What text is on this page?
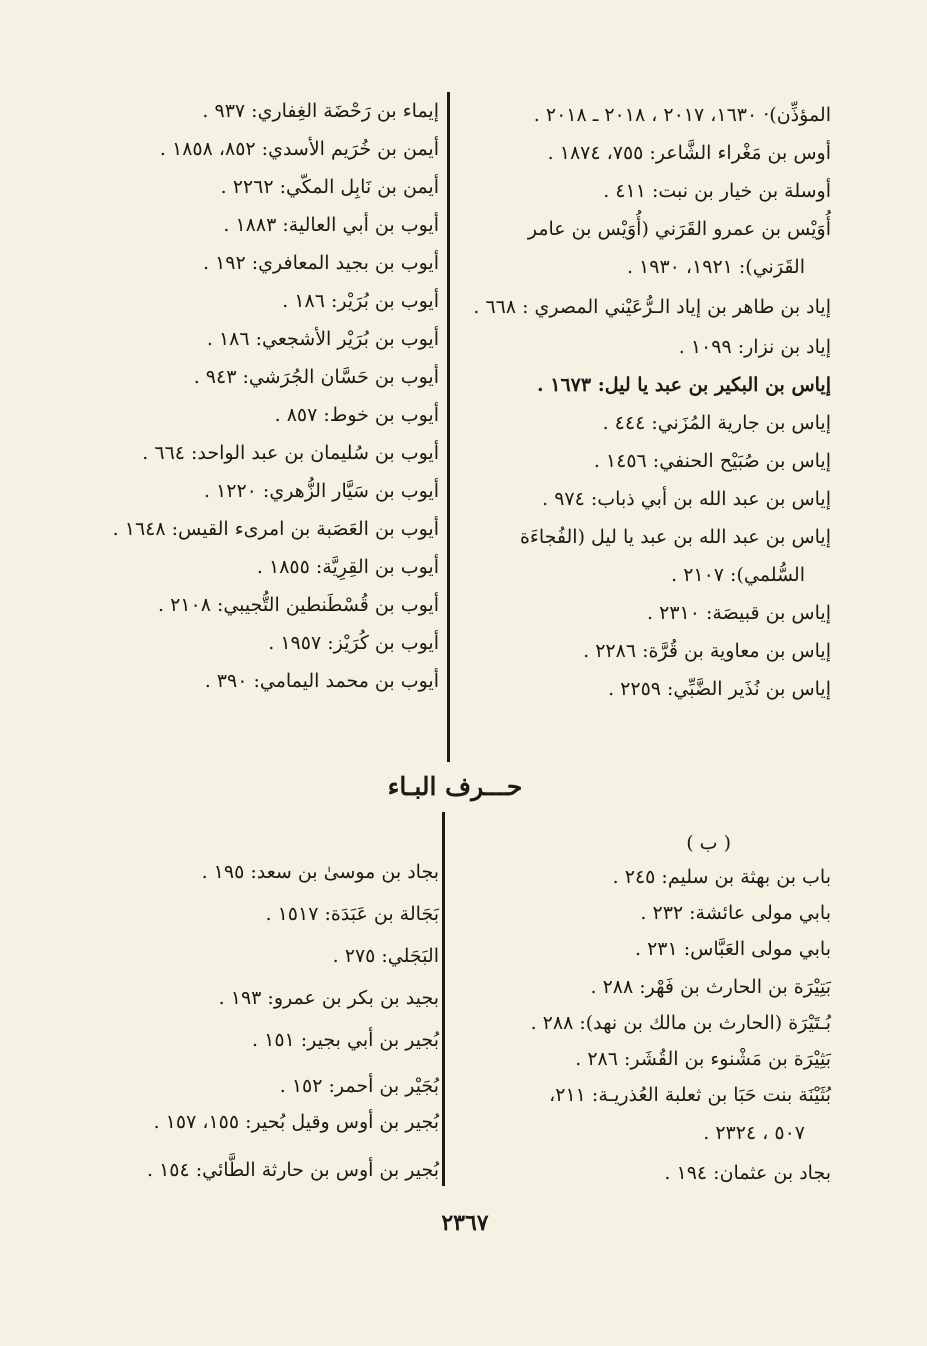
المؤذِّن)· ١٦٣٠، ٢٠١٧ ، ٢٠١٨ ـ ٢٠١٨ .
أوس بن مَغْراء الشَّاعر: ٧٥٥، ١٨٧٤ .
أوسلة بن خيار بن نبت: ٤١١ .
أُوَيْس بن عمرو القَرَني (أُوَيْس بن عامر
القَرَني): ١٩٢١، ١٩٣٠ .
إياد بن طاهر بن إياد الـرُّعَيْني المصري : ٦٦٨ .
إياد بن نزار: ١٠٩٩ .
إياس بن البكير بن عبد يا ليل: ١٦٧٣ .
إياس بن جارية المُزَني: ٤٤٤ .
إياس بن صُبَيْح الحنفي: ١٤٥٦ .
إياس بن عبد الله بن أبي ذباب: ٩٧٤ .
إياس بن عبد الله بن عبد يا ليل (الفُجاءَة
السُّلمي): ٢١٠٧ .
إياس بن قبيصَة: ٢٣١٠ .
إياس بن معاوية بن قُرَّة: ٢٢٨٦ .
إياس بن نُذَير الضَّبِّي: ٢٢٥٩ .
إيماء بن رَحْضَة الغِفاري: ٩٣٧ .
أيمن بن خُرَيم الأسدي: ٨٥٢، ١٨٥٨ .
أيمن بن نَابِل المكّي: ٢٢٦٢ .
أيوب بن أبي العالية: ١٨٨٣ .
أيوب بن بجيد المعافري: ١٩٢ .
أيوب بن بُرَيْر: ١٨٦ .
أيوب بن بُرَيْر الأشجعي: ١٨٦ .
أيوب بن حَسَّان الجُرَشي: ٩٤٣ .
أيوب بن خوط: ٨٥٧ .
أيوب بن سُليمان بن عبد الواحد: ٦٦٤ .
أيوب بن سَيَّار الزُّهري: ١٢٢٠ .
أيوب بن العَصَبة بن امرىء القيس: ١٦٤٨ .
أيوب بن القِرِيَّة: ١٨٥٥ .
أيوب بن قُسْطَنطين التُّجيبي: ٢١٠٨ .
أيوب بن كُرَيْز: ١٩٥٧ .
أيوب بن محمد اليمامي: ٣٩٠ .
حـــرف البـاء
( ب )
باب بن بهثة بن سليم: ٢٤٥ .
بابي مولى عائشة: ٢٣٢ .
بابي مولى العَبَّاس: ٢٣١ .
بَتِيْرَة بن الحارث بن فَهْر: ٢٨٨ .
بُـتَيْرَة (الحارث بن مالك بن نهد): ٢٨٨ .
بَثِيْرَة بن مَشْنوء بن القُشَر: ٢٨٦ .
بُثَيْنَة بنت حَبَا بن ثعلبة العُذريـة: ٢١١،
٥٠٧ ، ٢٣٢٤ .
بجاد بن عثمان: ١٩٤ .
بجاد بن موسىٰ بن سعد: ١٩٥ .
بَجَالة بن عَبَدَة: ١٥١٧ .
البَجَلي: ٢٧٥ .
بجيد بن بكر بن عمرو: ١٩٣ .
بُجير بن أبي بجير: ١٥١ .
بُجَيْر بن أحمر: ١٥٢ .
بُجير بن أوس وقيل بُحير: ١٥٥، ١٥٧ .
بُجير بن أوس بن حارثة الطَّائي: ١٥٤ .
٢٣٦٧
